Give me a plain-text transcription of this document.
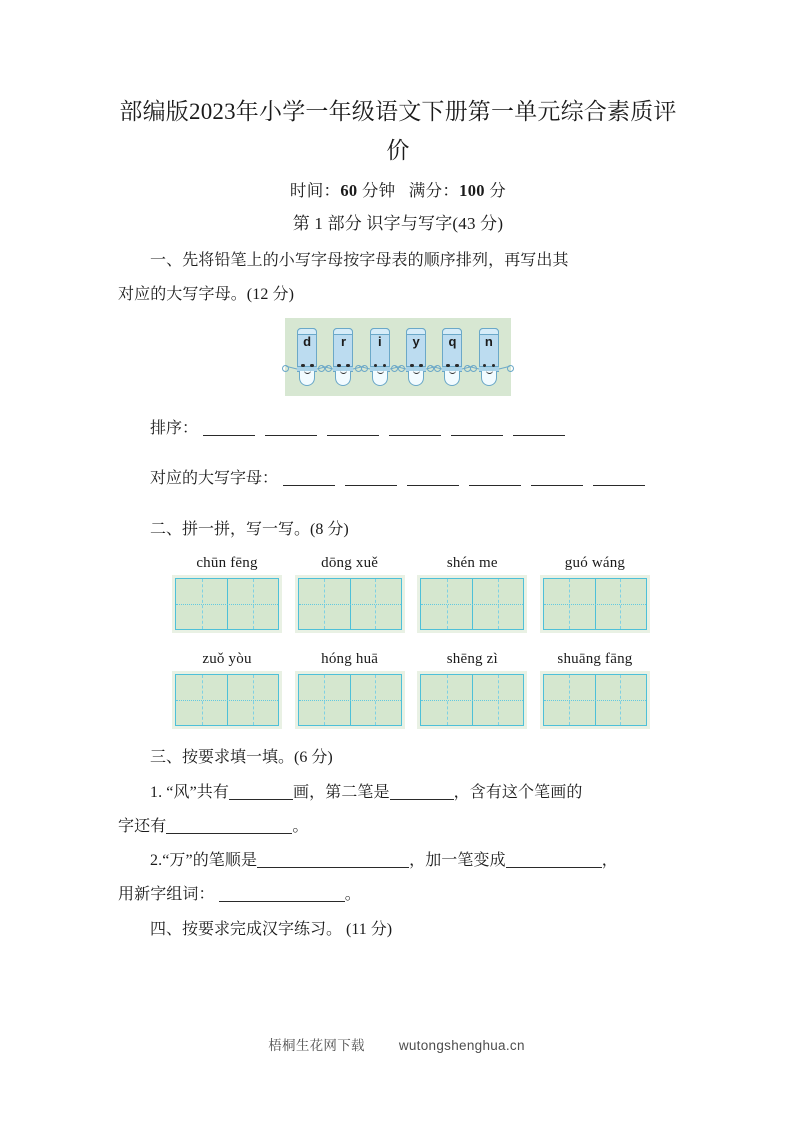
部编版2023年小学一年级语文下册第一单元综合素质评价
时间：60 分钟 满分：100 分
第 1 部分 识字与写字(43 分)

一、先将铅笔上的小写字母按字母表的顺序排列，再写出其

对应的大写字母。(12 分)

d	r	i	y	q	n

排序：

对应的大写字母：

二、拼一拼，写一写。(8 分)

chūn fēng	dōng xuě	shén me	guó wáng
zuǒ yòu	hóng huā	shēng zì	shuāng fāng

三、按要求填一填。(6 分)

1. “风”共有	画，第二笔是	，含有这个笔画的

字还有	。

2.“万”的笔顺是	，加一笔变成	，

用新字组词：	。

四、按要求完成汉字练习。 (11 分)

梧桐生花网下载	wutongshenghua.cn
